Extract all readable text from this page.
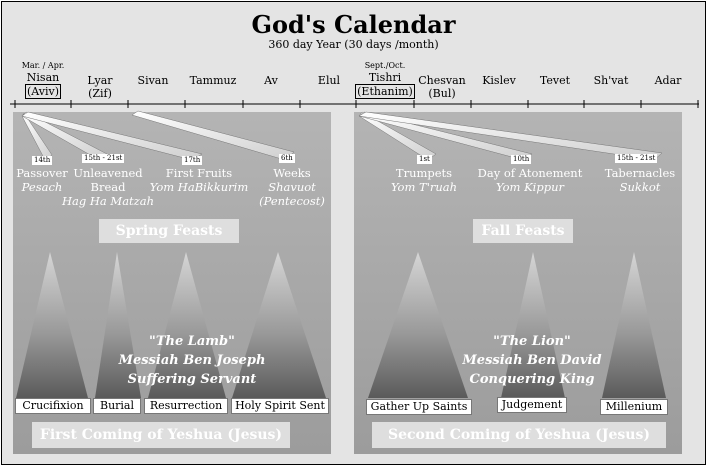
God's Calendar
360 day Year (30 days /month)
Mar. / Apr.
Nisan
(Aviv)
Lyar
(Zif)
Sivan	Tammuz	Av	Elul
Sept./Oct.
Tishri
(Ethanim)
Chesvan
(Bul)
Kislev	Tevet	Sh'vat	Adar
14th	15th - 21st	17th	6th
Passover
Pesach
Unleavened
Bread
Hag Ha Matzah
First Fruits
Yom HaBikkurim
Weeks
Shavuot
(Pentecost)
1st	10th	15th - 21st
Trumpets
Yom T'ruah
Day of Atonement
Yom Kippur
Tabernacles
Sukkot
Spring Feasts	Fall Feasts
"The Lamb"
Messiah Ben Joseph
Suffering Servant
"The Lion"
Messiah Ben David
Conquering King
Crucifixion	Burial	Resurrection	Holy Spirit Sent	Gather Up Saints	Judgement	Millenium
First Coming of Yeshua (Jesus)	Second Coming of Yeshua (Jesus)
